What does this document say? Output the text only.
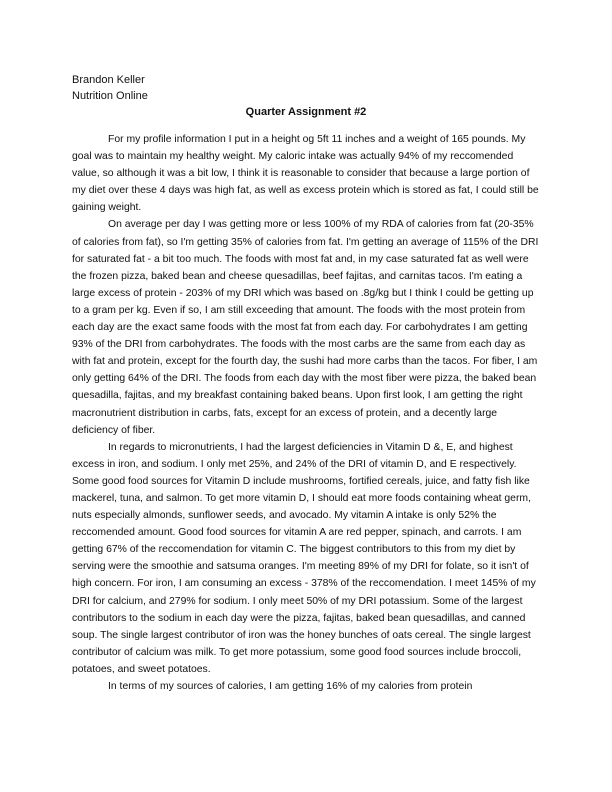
Brandon Keller
Nutrition Online
Quarter Assignment #2

For my profile information I put in a height og 5ft 11 inches and a weight of 165 pounds. My goal was to maintain my healthy weight. My caloric intake was actually 94% of my reccomended value, so although it was a bit low, I think it is reasonable to consider that because a large portion of my diet over these 4 days was high fat, as well as excess protein which is stored as fat, I could still be gaining weight.

On average per day I was getting more or less 100% of my RDA of calories from fat (20-35% of calories from fat), so I'm getting 35% of calories from fat. I'm getting an average of 115% of the DRI for saturated fat - a bit too much. The foods with most fat and, in my case saturated fat as well were the frozen pizza, baked bean and cheese quesadillas, beef fajitas, and carnitas tacos. I'm eating a large excess of protein - 203% of my DRI which was based on .8g/kg but I think I could be getting up to a gram per kg. Even if so, I am still exceeding that amount. The foods with the most protein from each day are the exact same foods with the most fat from each day. For carbohydrates I am getting 93% of the DRI from carbohydrates. The foods with the most carbs are the same from each day as with fat and protein, except for the fourth day, the sushi had more carbs than the tacos. For fiber, I am only getting 64% of the DRI. The foods from each day with the most fiber were pizza, the baked bean quesadilla, fajitas, and my breakfast containing baked beans. Upon first look, I am getting the right macronutrient distribution in carbs, fats, except for an excess of protein, and a decently large deficiency of fiber.

In regards to micronutrients, I had the largest deficiencies in Vitamin D &, E, and highest excess in iron, and sodium. I only met 25%, and 24% of the DRI of vitamin D, and E respectively. Some good food sources for Vitamin D include mushrooms, fortified cereals, juice, and fatty fish like mackerel, tuna, and salmon. To get more vitamin D, I should eat more foods containing wheat germ, nuts especially almonds, sunflower seeds, and avocado. My vitamin A intake is only 52% the reccomended amount. Good food sources for vitamin A are red pepper, spinach, and carrots. I am getting 67% of the reccomendation for vitamin C. The biggest contributors to this from my diet by serving were the smoothie and satsuma oranges. I'm meeting 89% of my DRI for folate, so it isn't of high concern. For iron, I am consuming an excess - 378% of the reccomendation. I meet 145% of my DRI for calcium, and 279% for sodium. I only meet 50% of my DRI potassium. Some of the largest contributors to the sodium in each day were the pizza, fajitas, baked bean quesadillas, and canned soup. The single largest contributor of iron was the honey bunches of oats cereal. The single largest contributor of calcium was milk. To get more potassium, some good food sources include broccoli, potatoes, and sweet potatoes.

In terms of my sources of calories, I am getting 16% of my calories from protein
